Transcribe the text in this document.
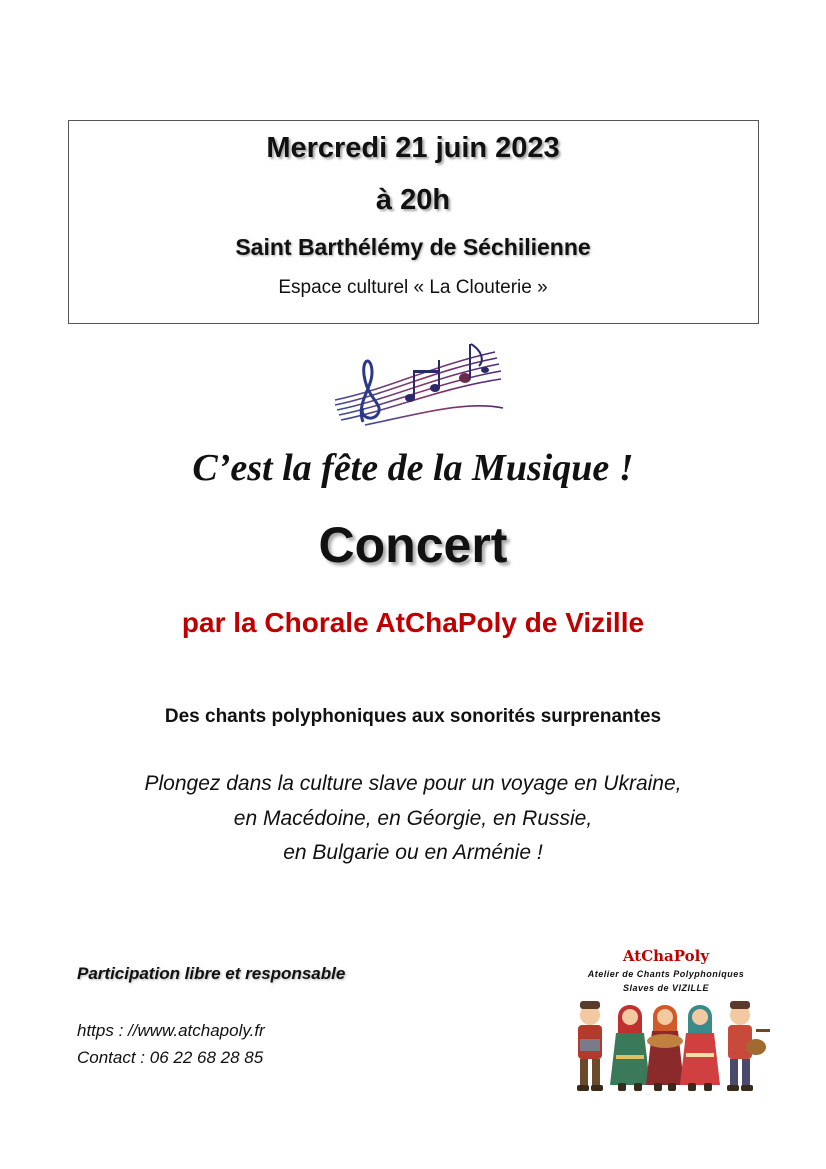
Mercredi 21 juin 2023
à 20h
Saint Barthélémy de Séchilienne
Espace culturel « La Clouterie »
C’est la fête de la Musique !
Concert
par la Chorale AtChaPoly de Vizille
Des chants polyphoniques aux sonorités surprenantes
Plongez dans la culture slave pour un voyage en Ukraine,
en Macédoine, en Géorgie, en Russie,
en Bulgarie ou en Arménie !
Participation libre et responsable
https : //www.atchapoly.fr
Contact : 06 22 68 28 85
AtChaPoly
Atelier de Chants Polyphoniques
Slaves de VIZILLE
